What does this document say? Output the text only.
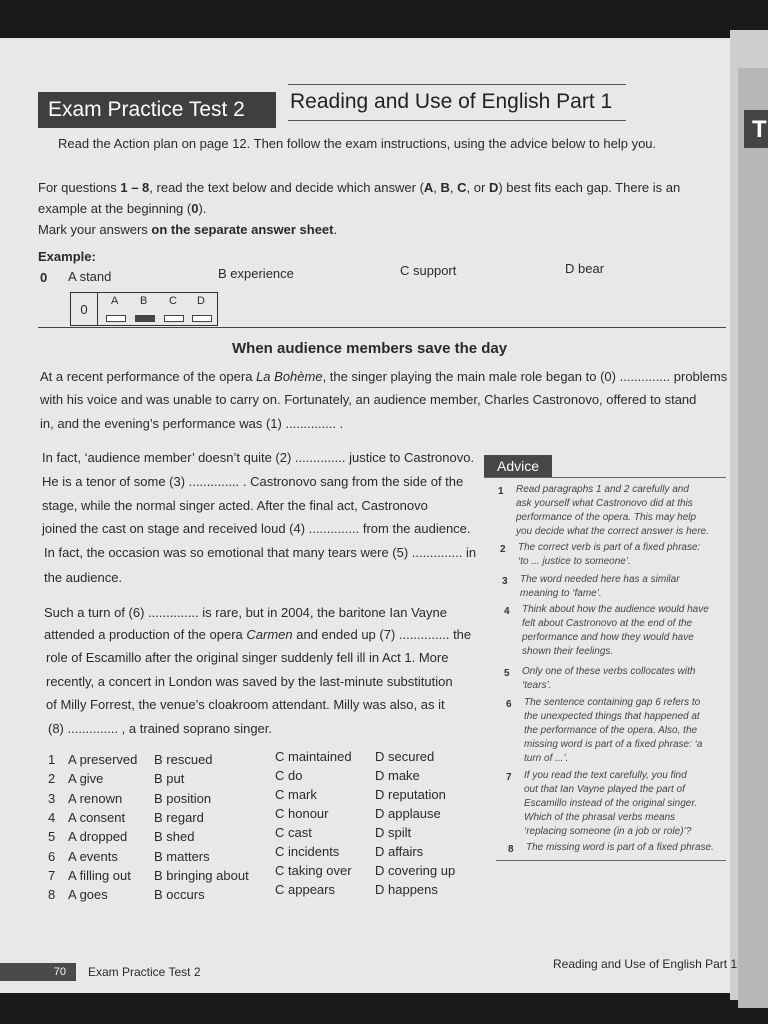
T
Exam Practice Test 2	Reading and Use of English Part 1
Read the Action plan on page 12. Then follow the exam instructions, using the advice below to help you.
For questions 1 – 8, read the text below and decide which answer (A, B, C, or D) best fits each gap. There is an
example at the beginning (0).
Mark your answers on the separate answer sheet.
Example:
0 A stand	B experience	C support	D bear
0
A B C D
When audience members save the day
At a recent performance of the opera La Bohème, the singer playing the main male role began to (0) .............. problems
with his voice and was unable to carry on. Fortunately, an audience member, Charles Castronovo, offered to stand
in, and the evening’s performance was (1) .............. .
In fact, ‘audience member’ doesn’t quite (2) .............. justice to Castronovo.
He is a tenor of some (3) .............. . Castronovo sang from the side of the
stage, while the normal singer acted. After the final act, Castronovo
joined the cast on stage and received loud (4) .............. from the audience.
In fact, the occasion was so emotional that many tears were (5) .............. in
the audience.
Such a turn of (6) .............. is rare, but in 2004, the baritone Ian Vayne
attended a production of the opera Carmen and ended up (7) .............. the
role of Escamillo after the original singer suddenly fell ill in Act 1. More
recently, a concert in London was saved by the last-minute substitution
of Milly Forrest, the venue’s cloakroom attendant. Milly was also, as it
(8) .............. , a trained soprano singer.
1 A preserved B rescued	C maintained D secured
2 A give	B put	C do	D make
3 A renown B position	C mark	D reputation
4 A consent B regard	C honour	D applause
5 A dropped B shed	C cast	D spilt
6 A events	B matters	C incidents	D affairs
7 A filling out B bringing about C taking over D covering up
8 A goes	B occurs	C appears	D happens
Advice
1 Read paragraphs 1 and 2 carefully and
ask yourself what Castronovo did at this
performance of the opera. This may help
you decide what the correct answer is here.
2 The correct verb is part of a fixed phrase:
‘to ... justice to someone’.
3 The word needed here has a similar
meaning to ‘fame’.
4 Think about how the audience would have
felt about Castronovo at the end of the
performance and how they would have
shown their feelings.
5 Only one of these verbs collocates with
‘tears’.
6 The sentence containing gap 6 refers to
the unexpected things that happened at
the performance of the opera. Also, the
missing word is part of a fixed phrase: ‘a
turn of ...’.
7 If you read the text carefully, you find
out that Ian Vayne played the part of
Escamillo instead of the original singer.
Which of the phrasal verbs means
‘replacing someone (in a job or role)’?
8 The missing word is part of a fixed phrase.
70	Exam Practice Test 2
Reading and Use of English Part 1
